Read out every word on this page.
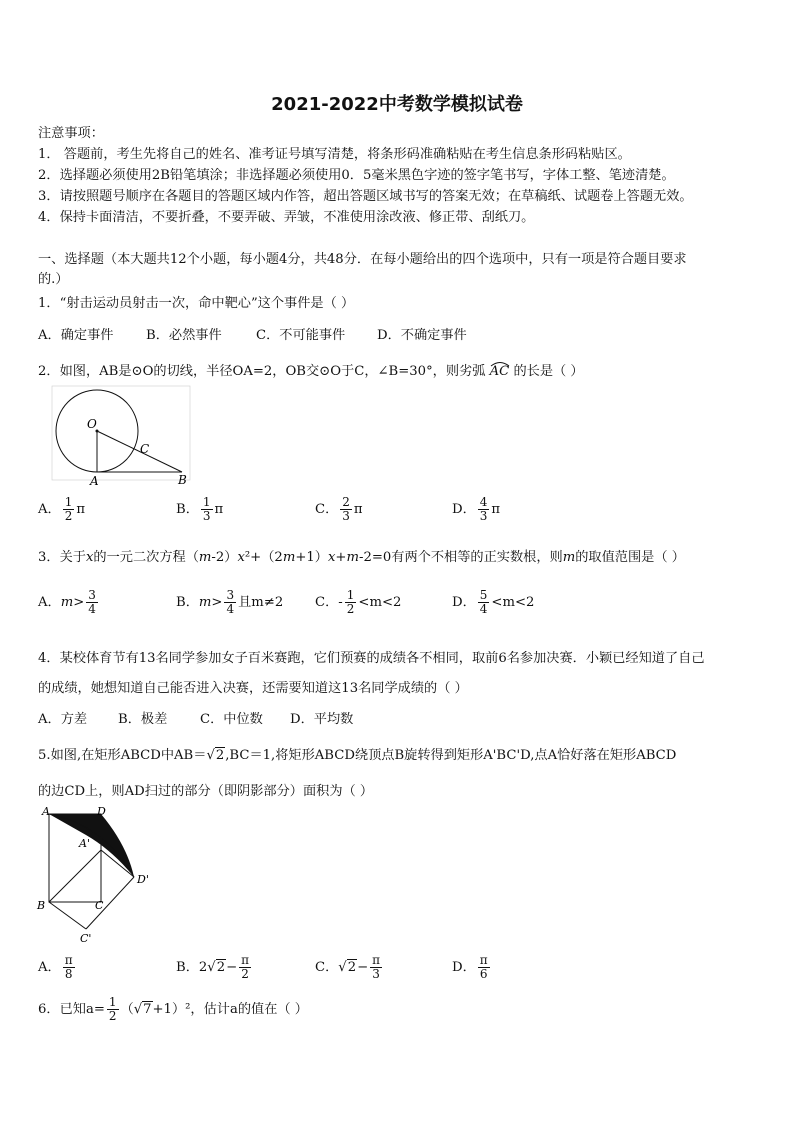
2021-2022中考数学模拟试卷
注意事项：
1． 答题前，考生先将自己的姓名、准考证号填写清楚，将条形码准确粘贴在考生信息条形码粘贴区。
2．选择题必须使用2B铅笔填涂；非选择题必须使用0．5毫米黑色字迹的签字笔书写，字体工整、笔迹清楚。
3．请按照题号顺序在各题目的答题区域内作答，超出答题区域书写的答案无效；在草稿纸、试题卷上答题无效。
4．保持卡面清洁，不要折叠，不要弄破、弄皱，不准使用涂改液、修正带、刮纸刀。
一、选择题（本大题共12个小题，每小题4分，共48分．在每小题给出的四个选项中，只有一项是符合题目要求
的.）
1．“射击运动员射击一次，命中靶心”这个事件是（ ）
A．确定事件 B．必然事件	C．不可能事件 D．不确定事件
2．如图，AB是⊙O的切线，半径OA=2，OB交⊙O于C，∠B=30°，则劣弧 AC 的长是（ ）
O
A	B
C
A． $\frac{1}{2}$ π	B． $\frac{1}{3}$ π	C． $\frac{2}{3}$ π	D． $\frac{4}{3}$ π
3．关于x的一元二次方程（m-2）x²+（2m+1）x+m-2=0有两个不相等的正实数根，则m的取值范围是（ ）
A．$m> \frac{3}{4}$	B．$m> \frac{3}{4}$ 且m≠2 C．- $\frac{1}{2} <m<2$	D． $\frac{5}{4} <m<2$
4．某校体育节有13名同学参加女子百米赛跑，它们预赛的成绩各不相同，取前6名参加决赛．小颖已经知道了自己
的成绩，她想知道自己能否进入决赛，还需要知道这13名同学成绩的（ ）
A．方差 B．极差 C．中位数 D．平均数
5.如图,在矩形ABCD中AB＝√2,BC＝1,将矩形ABCD绕顶点B旋转得到矩形A'BC'D,点A恰好落在矩形ABCD
的边CD上，则AD扫过的部分（即阴影部分）面积为（ ）
A	D
A'
D'
B	C
C'
A． $\frac{\pi}{8}$	B．$2√2- \frac{\pi}{2}$	C．$√2- \frac{\pi}{3}$	D． $\frac{\pi}{6}$
6．已知$a= \frac{1}{2} (√7+1)^2$，估计a的值在（ ）
